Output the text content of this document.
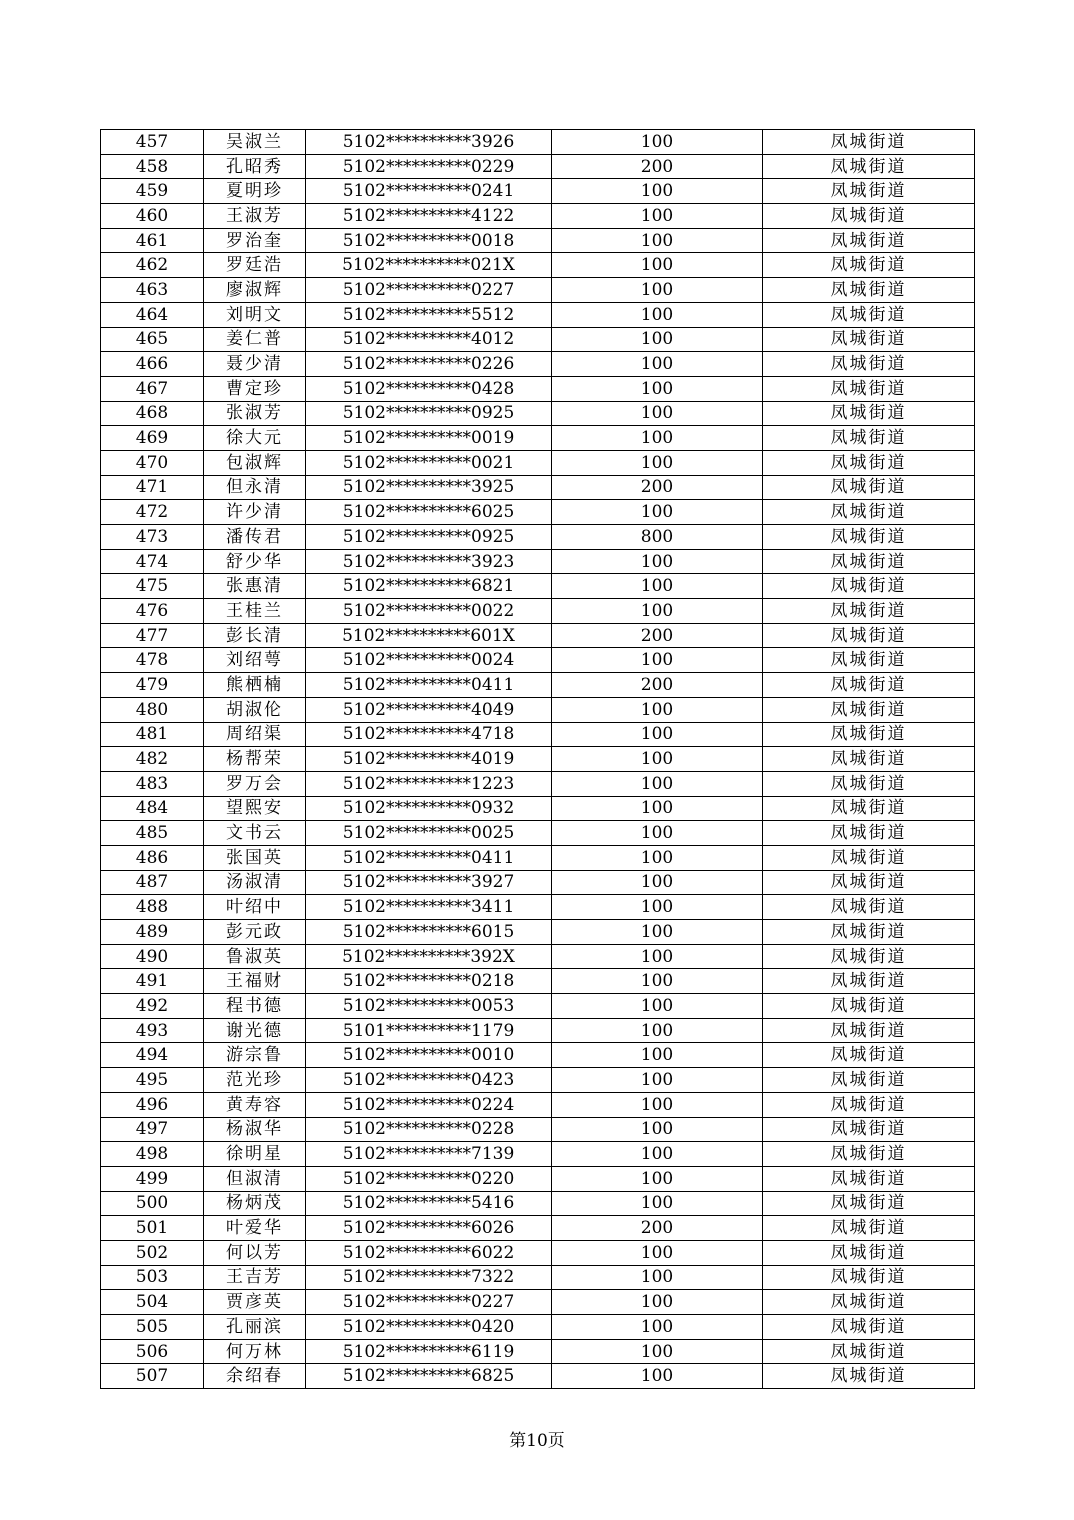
457	吴淑兰	5102**********3926	100	凤城街道
458	孔昭秀	5102**********0229	200	凤城街道
459	夏明珍	5102**********0241	100	凤城街道
460	王淑芳	5102**********4122	100	凤城街道
461	罗治奎	5102**********0018	100	凤城街道
462	罗廷浩	5102**********021X	100	凤城街道
463	廖淑辉	5102**********0227	100	凤城街道
464	刘明文	5102**********5512	100	凤城街道
465	姜仁普	5102**********4012	100	凤城街道
466	聂少清	5102**********0226	100	凤城街道
467	曹定珍	5102**********0428	100	凤城街道
468	张淑芳	5102**********0925	100	凤城街道
469	徐大元	5102**********0019	100	凤城街道
470	包淑辉	5102**********0021	100	凤城街道
471	但永清	5102**********3925	200	凤城街道
472	许少清	5102**********6025	100	凤城街道
473	潘传君	5102**********0925	800	凤城街道
474	舒少华	5102**********3923	100	凤城街道
475	张惠清	5102**********6821	100	凤城街道
476	王桂兰	5102**********0022	100	凤城街道
477	彭长清	5102**********601X	200	凤城街道
478	刘绍萼	5102**********0024	100	凤城街道
479	熊栖楠	5102**********0411	200	凤城街道
480	胡淑伦	5102**********4049	100	凤城街道
481	周绍渠	5102**********4718	100	凤城街道
482	杨帮荣	5102**********4019	100	凤城街道
483	罗万会	5102**********1223	100	凤城街道
484	望熙安	5102**********0932	100	凤城街道
485	文书云	5102**********0025	100	凤城街道
486	张国英	5102**********0411	100	凤城街道
487	汤淑清	5102**********3927	100	凤城街道
488	叶绍中	5102**********3411	100	凤城街道
489	彭元政	5102**********6015	100	凤城街道
490	鲁淑英	5102**********392X	100	凤城街道
491	王福财	5102**********0218	100	凤城街道
492	程书德	5102**********0053	100	凤城街道
493	谢光德	5101**********1179	100	凤城街道
494	游宗鲁	5102**********0010	100	凤城街道
495	范光珍	5102**********0423	100	凤城街道
496	黄寿容	5102**********0224	100	凤城街道
497	杨淑华	5102**********0228	100	凤城街道
498	徐明星	5102**********7139	100	凤城街道
499	但淑清	5102**********0220	100	凤城街道
500	杨炳茂	5102**********5416	100	凤城街道
501	叶爱华	5102**********6026	200	凤城街道
502	何以芳	5102**********6022	100	凤城街道
503	王吉芳	5102**********7322	100	凤城街道
504	贾彦英	5102**********0227	100	凤城街道
505	孔丽滨	5102**********0420	100	凤城街道
506	何万林	5102**********6119	100	凤城街道
507	余绍春	5102**********6825	100	凤城街道
第10页
